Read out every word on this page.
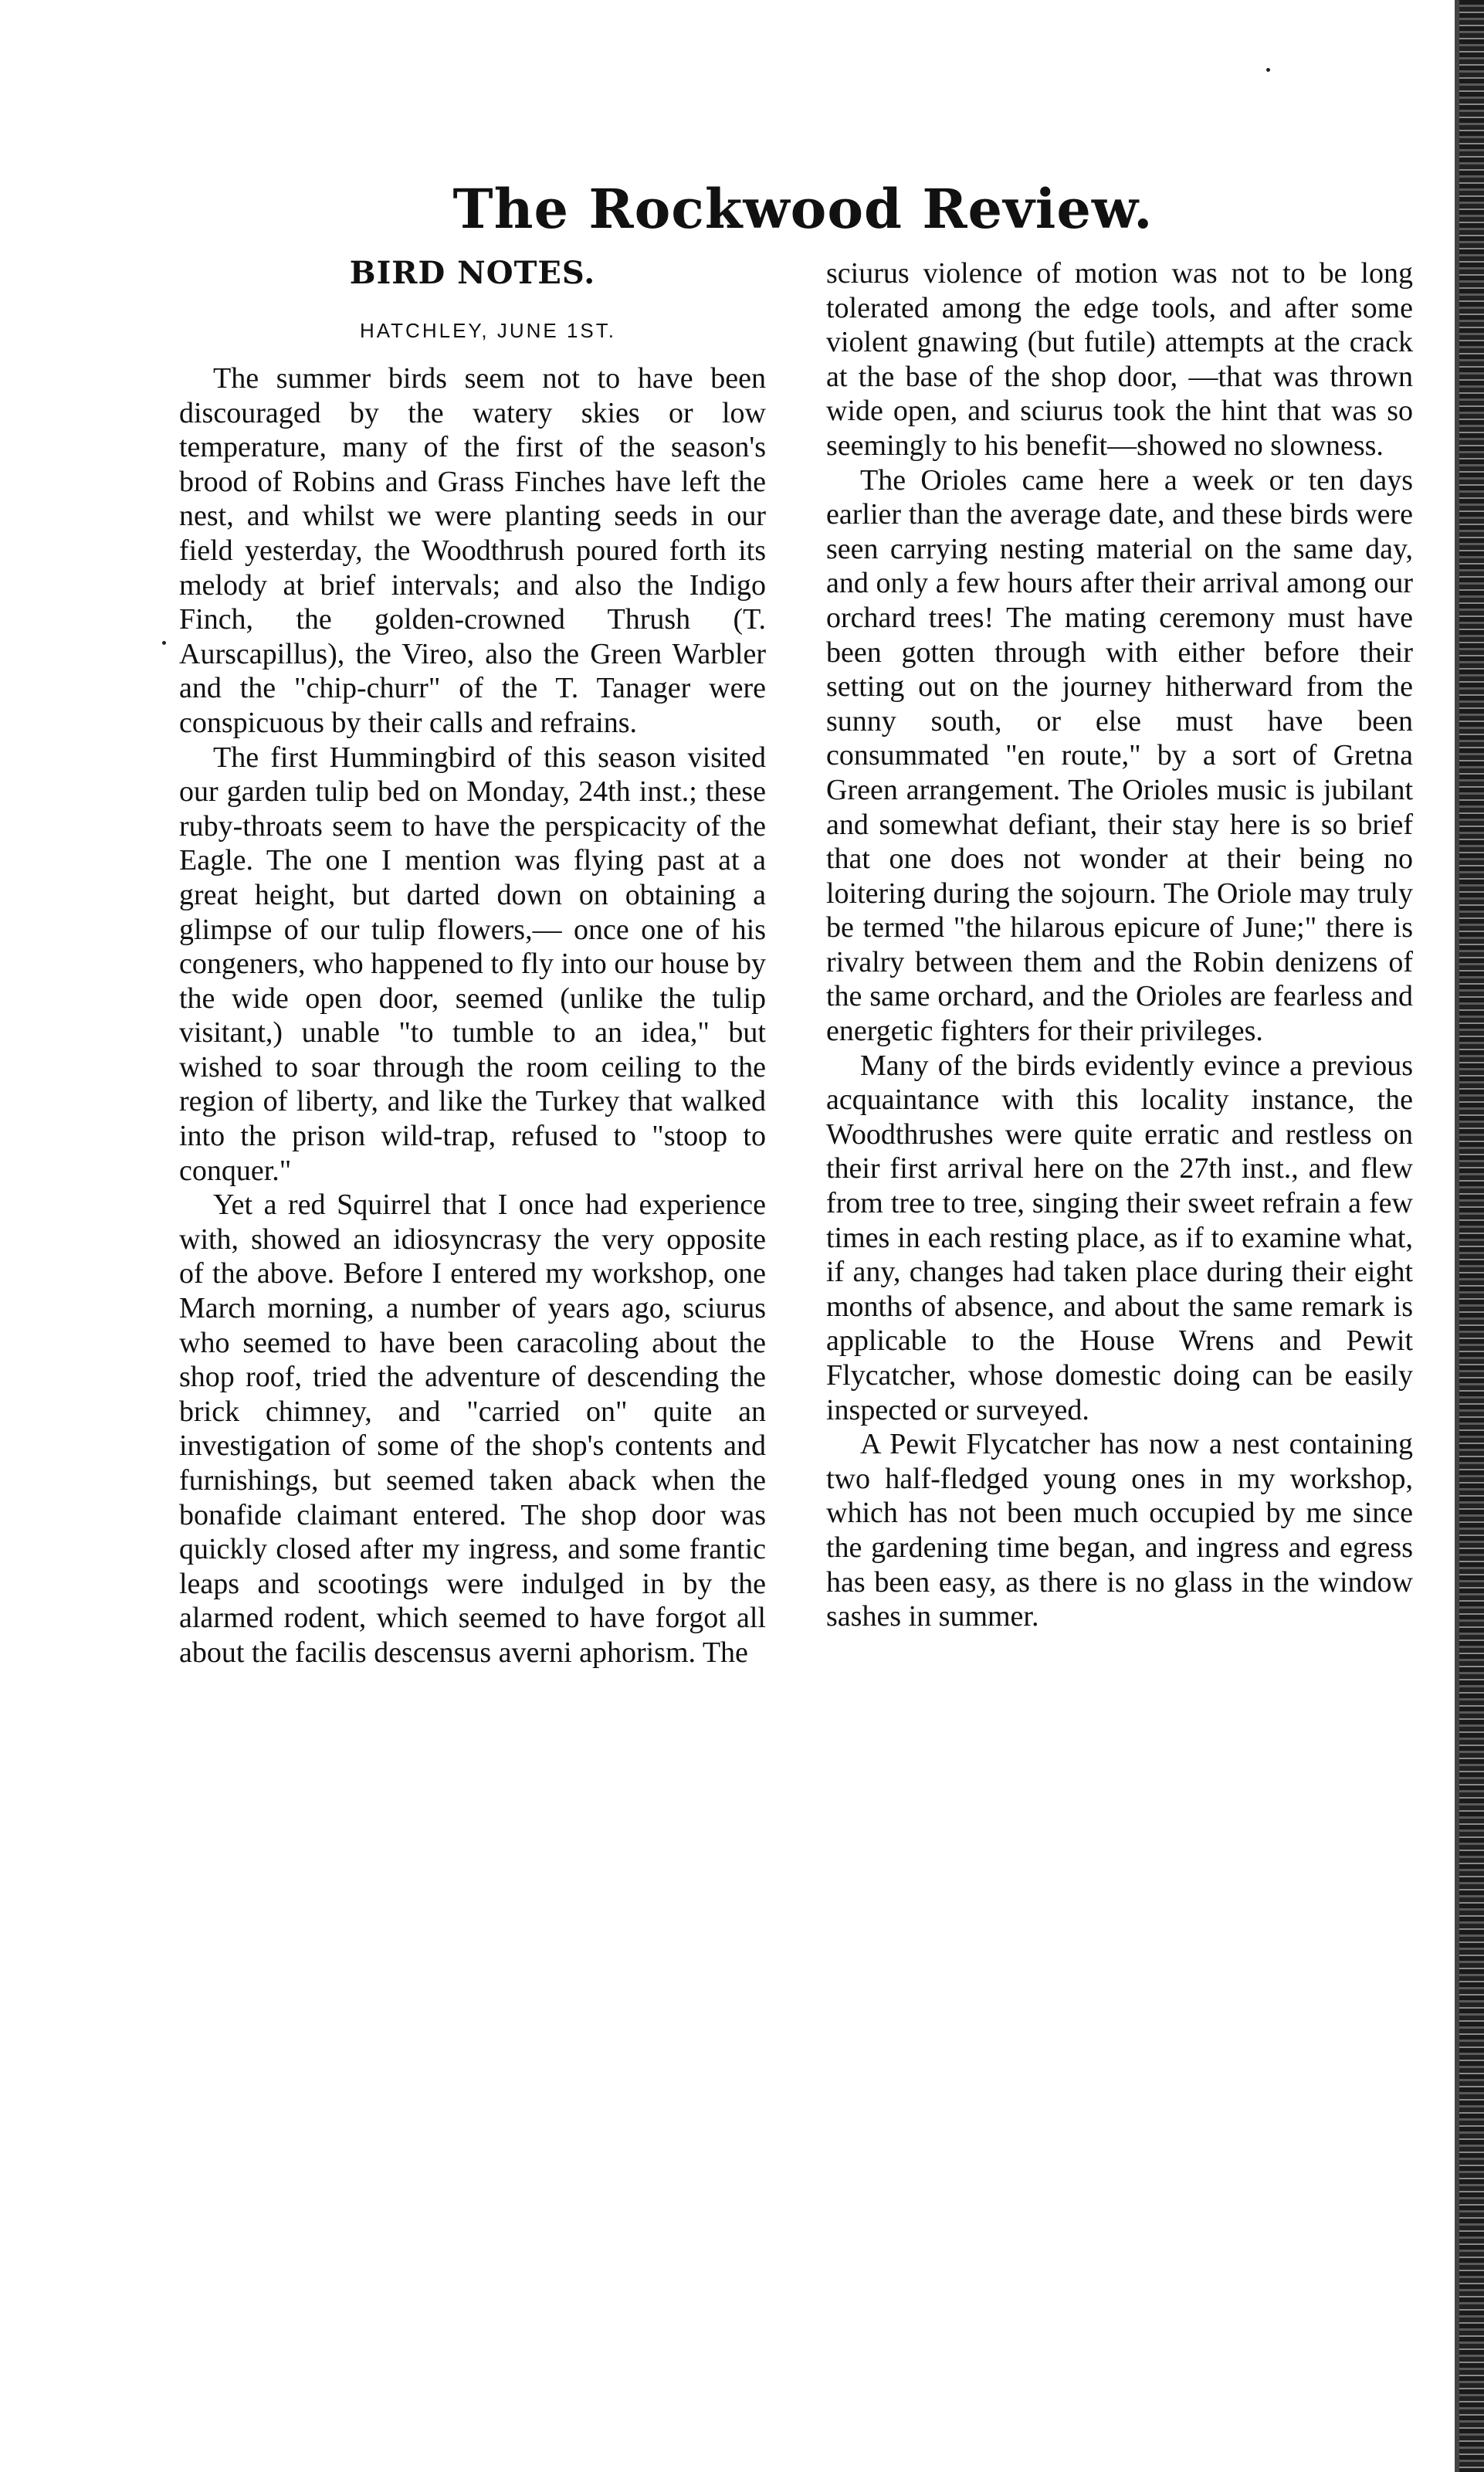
The Rockwood Review.
BIRD NOTES.
HATCHLEY, JUNE 1ST.

The summer birds seem not to have been discouraged by the watery skies or low temperature, many of the first of the season's brood of Robins and Grass Finches have left the nest, and whilst we were planting seeds in our field yesterday, the Woodthrush poured forth its melody at brief intervals; and also the Indigo Finch, the golden-crowned Thrush (T. Aurscapillus), the Vireo, also the Green Warbler and the "chip-churr" of the T. Tanager were conspicuous by their calls and refrains.

The first Hummingbird of this season visited our garden tulip bed on Monday, 24th inst.; these ruby-throats seem to have the perspicacity of the Eagle. The one I mention was flying past at a great height, but darted down on obtaining a glimpse of our tulip flowers,— once one of his congeners, who happened to fly into our house by the wide open door, seemed (unlike the tulip visitant,) unable "to tumble to an idea," but wished to soar through the room ceiling to the region of liberty, and like the Turkey that walked into the prison wild-trap, refused to "stoop to conquer."

Yet a red Squirrel that I once had experience with, showed an idiosyncrasy the very opposite of the above. Before I entered my workshop, one March morning, a number of years ago, sciurus who seemed to have been caracoling about the shop roof, tried the adventure of descending the brick chimney, and "carried on" quite an investigation of some of the shop's contents and furnishings, but seemed taken aback when the bonafide claimant entered. The shop door was quickly closed after my ingress, and some frantic leaps and scootings were indulged in by the alarmed rodent, which seemed to have forgot all about the facilis descensus averni aphorism. The

sciurus violence of motion was not to be long tolerated among the edge tools, and after some violent gnawing (but futile) attempts at the crack at the base of the shop door, —that was thrown wide open, and sciurus took the hint that was so seemingly to his benefit—showed no slowness.

The Orioles came here a week or ten days earlier than the average date, and these birds were seen carrying nesting material on the same day, and only a few hours after their arrival among our orchard trees! The mating ceremony must have been gotten through with either before their setting out on the journey hitherward from the sunny south, or else must have been consummated "en route," by a sort of Gretna Green arrangement. The Orioles music is jubilant and somewhat defiant, their stay here is so brief that one does not wonder at their being no loitering during the sojourn. The Oriole may truly be termed "the hilarous epicure of June;" there is rivalry between them and the Robin denizens of the same orchard, and the Orioles are fearless and energetic fighters for their privileges.

Many of the birds evidently evince a previous acquaintance with this locality instance, the Woodthrushes were quite erratic and restless on their first arrival here on the 27th inst., and flew from tree to tree, singing their sweet refrain a few times in each resting place, as if to examine what, if any, changes had taken place during their eight months of absence, and about the same remark is applicable to the House Wrens and Pewit Flycatcher, whose domestic doing can be easily inspected or surveyed.

A Pewit Flycatcher has now a nest containing two half-fledged young ones in my workshop, which has not been much occupied by me since the gardening time began, and ingress and egress has been easy, as there is no glass in the window sashes in summer.
